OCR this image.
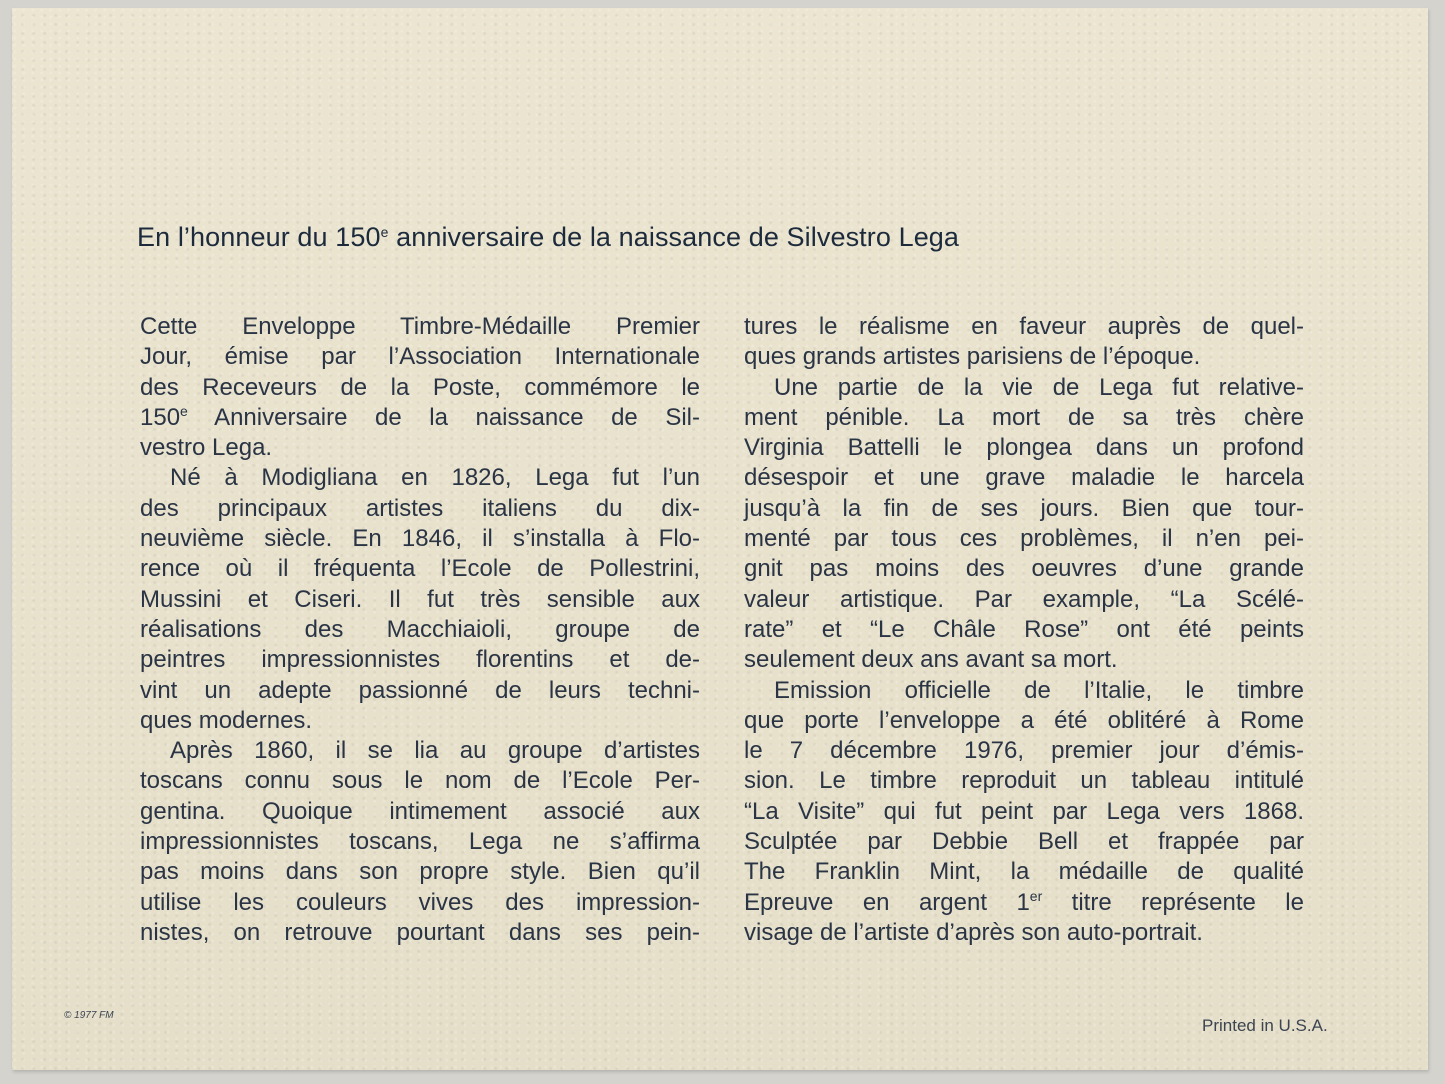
En l’honneur du 150e anniversaire de la naissance de Silvestro Lega
Cette Enveloppe Timbre-Médaille Premier
Jour, émise par l’Association Internationale
des Receveurs de la Poste, commémore le
150e Anniversaire de la naissance de Sil-
vestro Lega.
Né à Modigliana en 1826, Lega fut l’un
des principaux artistes italiens du dix-
neuvième siècle. En 1846, il s’installa à Flo-
rence où il fréquenta l’Ecole de Pollestrini,
Mussini et Ciseri. Il fut très sensible aux
réalisations des Macchiaioli, groupe de
peintres impressionnistes florentins et de-
vint un adepte passionné de leurs techni-
ques modernes.
Après 1860, il se lia au groupe d’artistes
toscans connu sous le nom de l’Ecole Per-
gentina. Quoique intimement associé aux
impressionnistes toscans, Lega ne s’affirma
pas moins dans son propre style. Bien qu’il
utilise les couleurs vives des impression-
nistes, on retrouve pourtant dans ses pein-
tures le réalisme en faveur auprès de quel-
ques grands artistes parisiens de l’époque.
Une partie de la vie de Lega fut relative-
ment pénible. La mort de sa très chère
Virginia Battelli le plongea dans un profond
désespoir et une grave maladie le harcela
jusqu’à la fin de ses jours. Bien que tour-
menté par tous ces problèmes, il n’en pei-
gnit pas moins des oeuvres d’une grande
valeur artistique. Par example, “La Scélé-
rate” et “Le Châle Rose” ont été peints
seulement deux ans avant sa mort.
Emission officielle de l’Italie, le timbre
que porte l’enveloppe a été oblitéré à Rome
le 7 décembre 1976, premier jour d’émis-
sion. Le timbre reproduit un tableau intitulé
“La Visite” qui fut peint par Lega vers 1868.
Sculptée par Debbie Bell et frappée par
The Franklin Mint, la médaille de qualité
Epreuve en argent 1er titre représente le
visage de l’artiste d’après son auto-portrait.
© 1977 FM
Printed in U.S.A.
